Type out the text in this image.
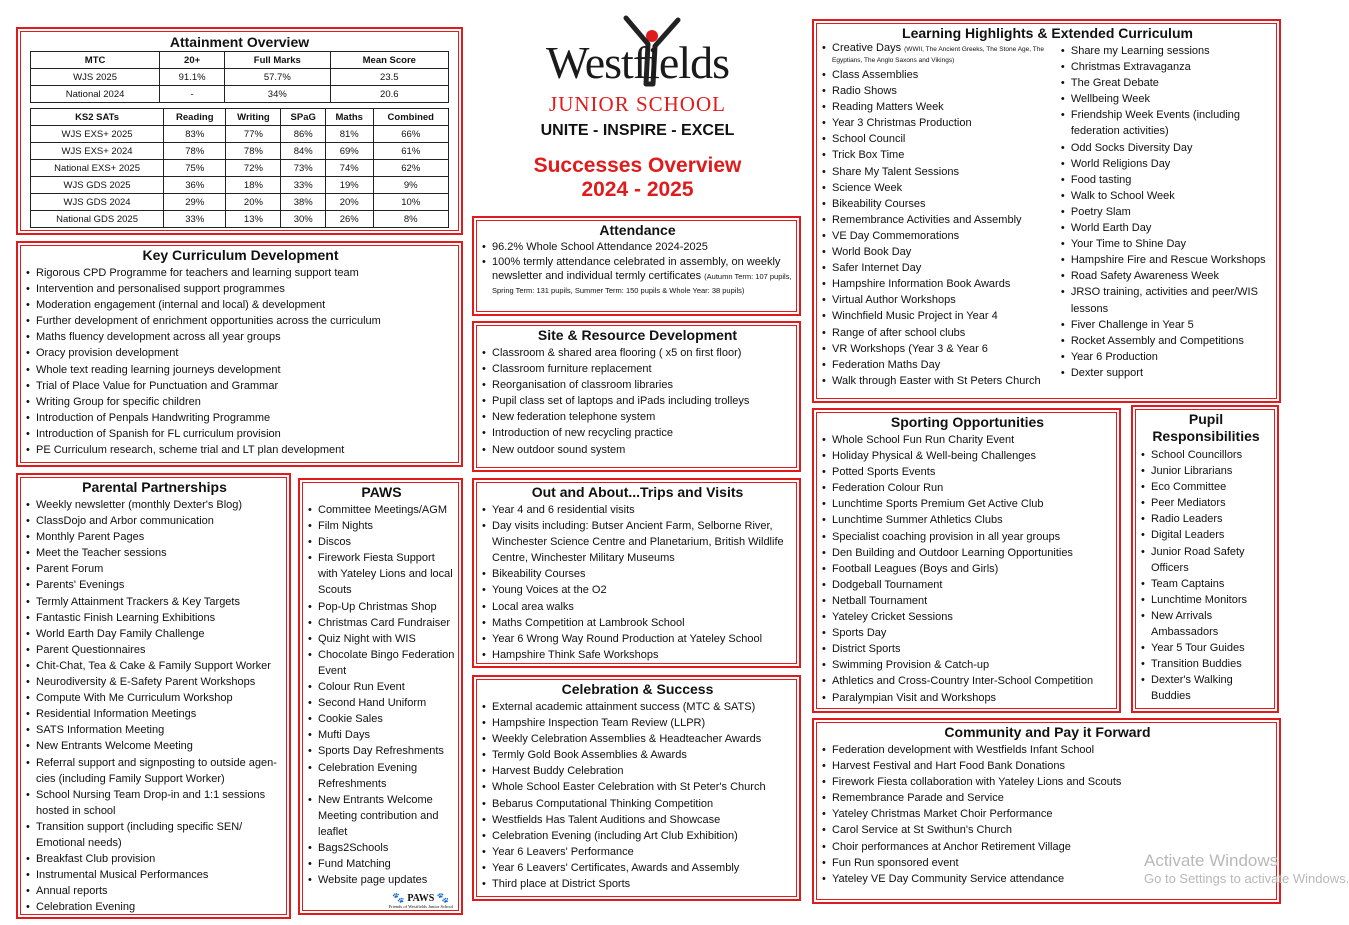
Attainment Overview
MTC	20+	Full Marks	Mean Score
WJS 2025	91.1%	57.7%	23.5
National 2024	-	34%	20.6
KS2 SATs	Reading	Writing	SPaG	Maths	Combined
WJS EXS+ 2025	83%	77%	86%	81%	66%
WJS EXS+ 2024	78%	78%	84%	69%	61%
National EXS+ 2025	75%	72%	73%	74%	62%
WJS GDS 2025	36%	18%	33%	19%	9%
WJS GDS 2024	29%	20%	38%	20%	10%
National GDS 2025	33%	13%	30%	26%	8%
Westfields
JUNIOR SCHOOL
UNITE - INSPIRE - EXCEL
Successes Overview
2024 - 2025
Key Curriculum Development
• Rigorous CPD Programme for teachers and learning support team
• Intervention and personalised support programmes
• Moderation engagement (internal and local) & development
• Further development of enrichment opportunities across the curriculum
• Maths fluency development across all year groups
• Oracy provision development
• Whole text reading learning journeys development
• Trial of Place Value for Punctuation and Grammar
• Writing Group for specific children
• Introduction of Penpals Handwriting Programme
• Introduction of Spanish for FL curriculum provision
• PE Curriculum research, scheme trial and LT plan development
Parental Partnerships
• Weekly newsletter (monthly Dexter's Blog)
• ClassDojo and Arbor communication
• Monthly Parent Pages
• Meet the Teacher sessions
• Parent Forum
• Parents' Evenings
• Termly Attainment Trackers & Key Targets
• Fantastic Finish Learning Exhibitions
• World Earth Day Family Challenge
• Parent Questionnaires
• Chit-Chat, Tea & Cake & Family Support Worker
• Neurodiversity & E-Safety Parent Workshops
• Compute With Me Curriculum Workshop
• Residential Information Meetings
• SATS Information Meeting
• New Entrants Welcome Meeting
• Referral support and signposting to outside agen-cies (including Family Support Worker)
• School Nursing Team Drop-in and 1:1 sessions hosted in school
• Transition support (including specific SEN/ Emotional needs)
• Breakfast Club provision
• Instrumental Musical Performances
• Annual reports
• Celebration Evening
PAWS
• Committee Meetings/AGM
• Film Nights
• Discos
• Firework Fiesta Support with Yateley Lions and local Scouts
• Pop-Up Christmas Shop
• Christmas Card Fundraiser
• Quiz Night with WIS
• Chocolate Bingo Federation Event
• Colour Run Event
• Second Hand Uniform
• Cookie Sales
• Mufti Days
• Sports Day Refreshments
• Celebration Evening Refreshments
• New Entrants Welcome Meeting contribution and leaflet
• Bags2Schools
• Fund Matching
• Website page updates
🐾 PAWS 🐾
Friends of Westfields Junior School
Attendance
• 96.2% Whole School Attendance 2024-2025
• 100% termly attendance celebrated in assembly, on weekly newsletter and individual termly certificates (Autumn Term: 107 pupils, Spring Term: 131 pupils, Summer Term: 150 pupils & Whole Year: 38 pupils)
Site & Resource Development
• Classroom & shared area flooring ( x5 on first floor)
• Classroom furniture replacement
• Reorganisation of classroom libraries
• Pupil class set of laptops and iPads including trolleys
• New federation telephone system
• Introduction of new recycling practice
• New outdoor sound system
Out and About...Trips and Visits
• Year 4 and 6 residential visits
• Day visits including: Butser Ancient Farm, Selborne River, Winchester Science Centre and Planetarium, British Wildlife Centre, Winchester Military Museums
• Bikeability Courses
• Young Voices at the O2
• Local area walks
• Maths Competition at Lambrook School
• Year 6 Wrong Way Round Production at Yateley School
• Hampshire Think Safe Workshops
Celebration & Success
• External academic attainment success (MTC & SATS)
• Hampshire Inspection Team Review (LLPR)
• Weekly Celebration Assemblies & Headteacher Awards
• Termly Gold Book Assemblies & Awards
• Harvest Buddy Celebration
• Whole School Easter Celebration with St Peter's Church
• Bebarus Computational Thinking Competition
• Westfields Has Talent Auditions and Showcase
• Celebration Evening (including Art Club Exhibition)
• Year 6 Leavers' Performance
• Year 6 Leavers' Certificates, Awards and Assembly
• Third place at District Sports
Learning Highlights & Extended Curriculum
• Creative Days (WWII, The Ancient Greeks, The Stone Age, The Egyptians, The Anglo Saxons and Vikings)
• Class Assemblies
• Radio Shows
• Reading Matters Week
• Year 3 Christmas Production
• School Council
• Trick Box Time
• Share My Talent Sessions
• Science Week
• Bikeability Courses
• Remembrance Activities and Assembly
• VE Day Commemorations
• World Book Day
• Safer Internet Day
• Hampshire Information Book Awards
• Virtual Author Workshops
• Winchfield Music Project in Year 4
• Range of after school clubs
• VR Workshops (Year 3 & Year 6
• Federation Maths Day
• Walk through Easter with St Peters Church
• Share my Learning sessions
• Christmas Extravaganza
• The Great Debate
• Wellbeing Week
• Friendship Week Events (including federation activities)
• Odd Socks Diversity Day
• World Religions Day
• Food tasting
• Walk to School Week
• Poetry Slam
• World Earth Day
• Your Time to Shine Day
• Hampshire Fire and Rescue Workshops
• Road Safety Awareness Week
• JRSO training, activities and peer/WIS lessons
• Fiver Challenge in Year 5
• Rocket Assembly and Competitions
• Year 6 Production
• Dexter support
Sporting Opportunities
• Whole School Fun Run Charity Event
• Holiday Physical & Well-being Challenges
• Potted Sports Events
• Federation Colour Run
• Lunchtime Sports Premium Get Active Club
• Lunchtime Summer Athletics Clubs
• Specialist coaching provision in all year groups
• Den Building and Outdoor Learning Opportunities
• Football Leagues (Boys and Girls)
• Dodgeball Tournament
• Netball Tournament
• Yateley Cricket Sessions
• Sports Day
• District Sports
• Swimming Provision & Catch-up
• Athletics and Cross-Country Inter-School Competition
• Paralympian Visit and Workshops
Pupil Responsibilities
• School Councillors
• Junior Librarians
• Eco Committee
• Peer Mediators
• Radio Leaders
• Digital Leaders
• Junior Road Safety Officers
• Team Captains
• Lunchtime Monitors
• New Arrivals Ambassadors
• Year 5 Tour Guides
• Transition Buddies
• Dexter's Walking Buddies
Community and Pay it Forward
• Federation development with Westfields Infant School
• Harvest Festival and Hart Food Bank Donations
• Firework Fiesta collaboration with Yateley Lions and Scouts
• Remembrance Parade and Service
• Yateley Christmas Market Choir Performance
• Carol Service at St Swithun's Church
• Choir performances at Anchor Retirement Village
• Fun Run sponsored event
• Yateley VE Day Community Service attendance
Activate Windows
Go to Settings to activate Windows.
